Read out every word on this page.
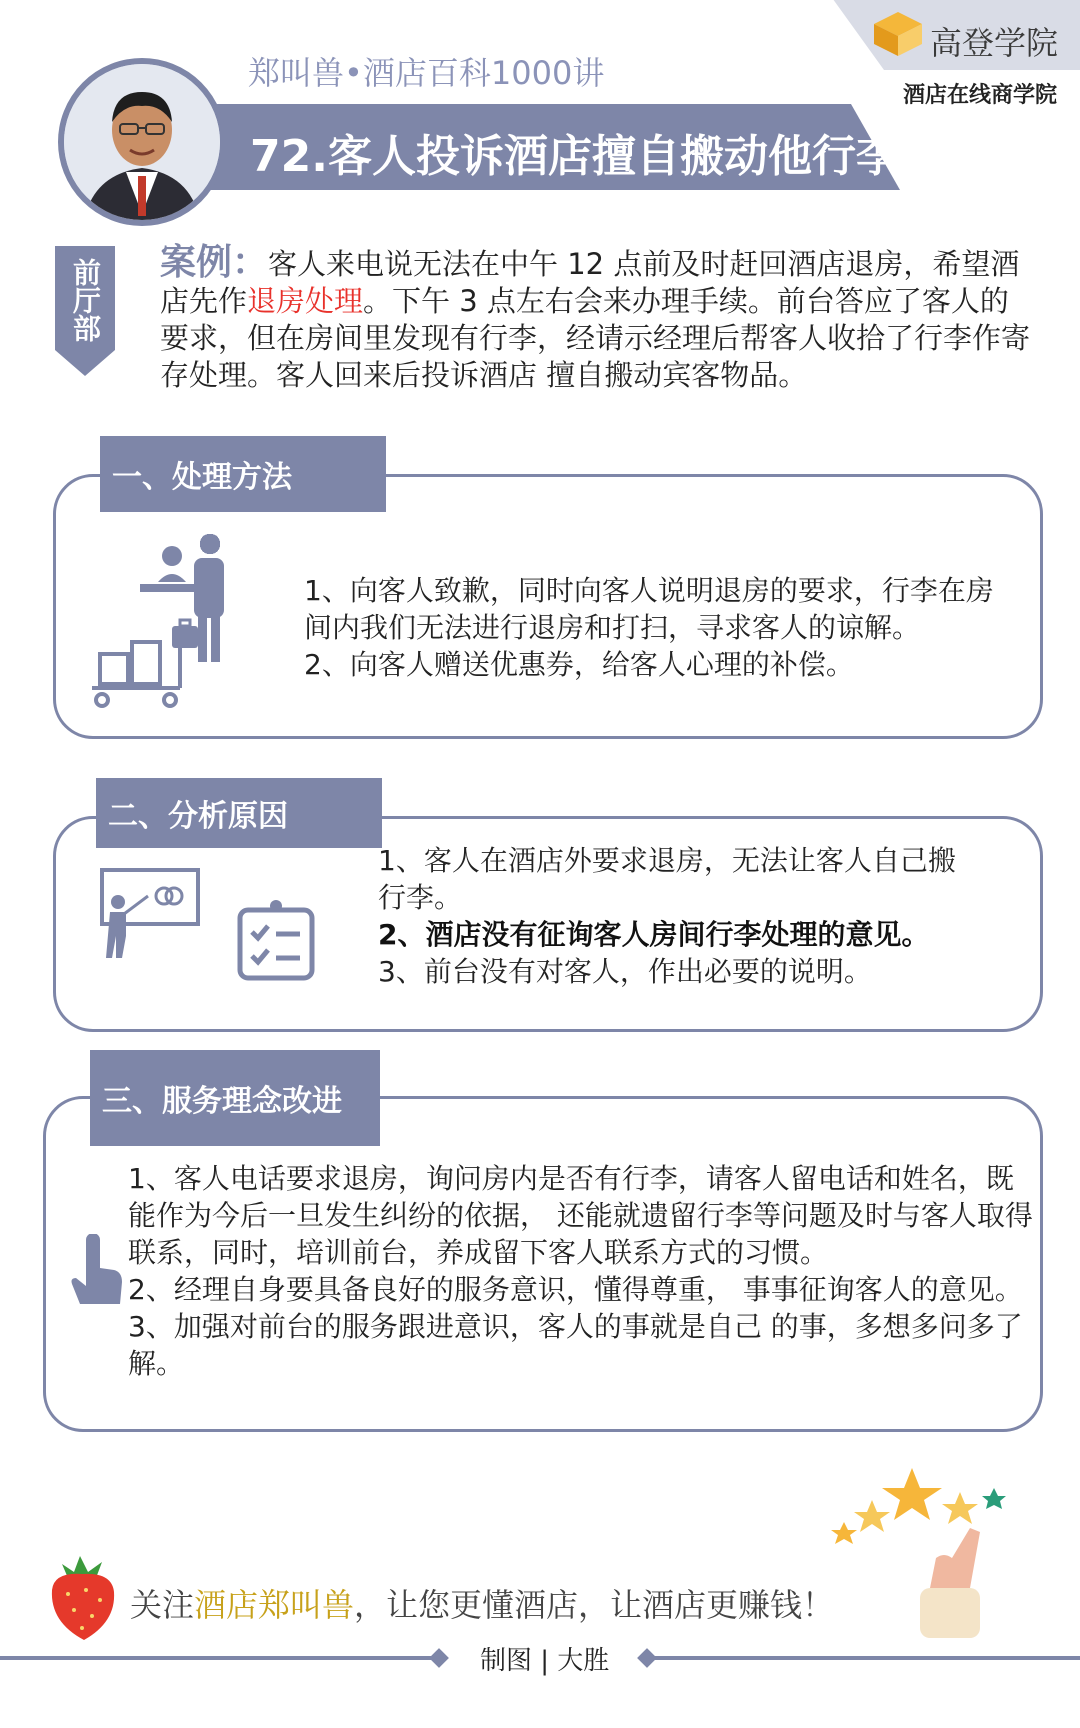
高登学院
酒店在线商学院
郑叫兽•酒店百科1000讲
72.客人投诉酒店擅自搬动他行李
前厅部	案例：客人来电说无法在中午 12 点前及时赶回酒店退房，希望酒店先作退房处理。下午 3 点左右会来办理手续。前台答应了客人的要求，但在房间里发现有行李，经请示经理后帮客人收拾了行李作寄存处理。客人回来后投诉酒店 擅自搬动宾客物品。
一、处理方法
1、向客人致歉，同时向客人说明退房的要求，行李在房 间内我们无法进行退房和打扫，寻求客人的谅解。
2、向客人赠送优惠券，给客人心理的补偿。
二、分析原因
1、客人在酒店外要求退房，无法让客人自己搬行李。
2、酒店没有征询客人房间行李处理的意见。
3、前台没有对客人，作出必要的说明。
三、服务理念改进
1、客人电话要求退房，询问房内是否有行李，请客人留电话和姓名，既能作为今后一旦发生纠纷的依据， 还能就遗留行李等问题及时与客人取得联系，同时，培训前台，养成留下客人联系方式的习惯。
2、经理自身要具备良好的服务意识，懂得尊重， 事事征询客人的意见。
3、加强对前台的服务跟进意识，客人的事就是自己 的事，多想多问多了解。
关注酒店郑叫兽，让您更懂酒店，让酒店更赚钱！
制图 | 大胜
